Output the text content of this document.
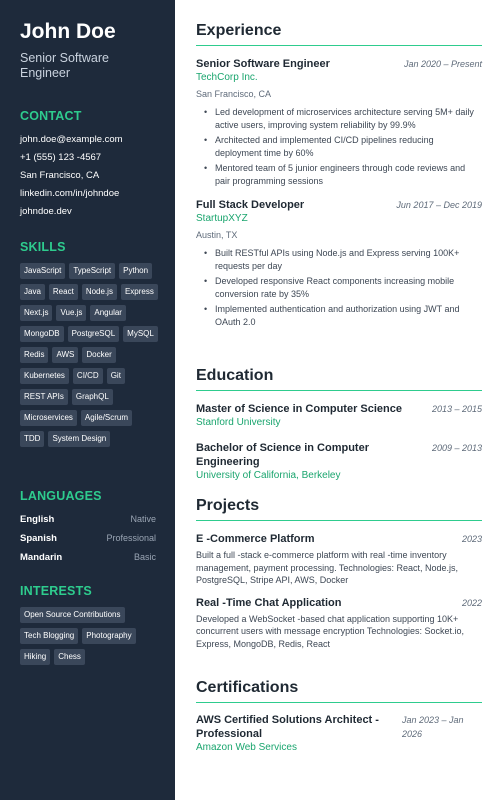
John Doe
Senior Software Engineer
CONTACT
john.doe@example.com
+1 (555) 123 -4567
San Francisco, CA
linkedin.com/in/johndoe
johndoe.dev
SKILLS
JavaScript	TypeScript	Python
Java	React	Node.js	Express
Next.js	Vue.js	Angular
MongoDB	PostgreSQL	MySQL
Redis	AWS	Docker
Kubernetes	CI/CD	Git
REST APIs	GraphQL
Microservices	Agile/Scrum
TDD	System Design
LANGUAGES
English	Native
Spanish	Professional
Mandarin	Basic
INTERESTS
Open Source Contributions
Tech Blogging	Photography
Hiking	Chess
Experience
Senior Software Engineer	Jan 2020 – Present
TechCorp Inc.
San Francisco, CA
• Led development of microservices architecture serving 5M+ daily active users, improving system reliability by 99.9%
• Architected and implemented CI/CD pipelines reducing deployment time by 60%
• Mentored team of 5 junior engineers through code reviews and pair programming sessions
Full Stack Developer	Jun 2017 – Dec 2019
StartupXYZ
Austin, TX
• Built RESTful APIs using Node.js and Express serving 100K+ requests per day
• Developed responsive React components increasing mobile conversion rate by 35%
• Implemented authentication and authorization using JWT and OAuth 2.0
Education
Master of Science in Computer Science	2013 – 2015
Stanford University
Bachelor of Science in Computer Engineering
2009 – 2013
University of California, Berkeley
Projects
E -Commerce Platform	2023
Built a full -stack e-commerce platform with real -time inventory management, payment processing. Technologies: React, Node.js, PostgreSQL, Stripe API, AWS, Docker
Real -Time Chat Application	2022
Developed a WebSocket -based chat application supporting 10K+ concurrent users with message encryption Technologies: Socket.io, Express, MongoDB, Redis, React
Certifications
AWS Certified Solutions Architect - Professional
Jan 2023 – Jan 2026
Amazon Web Services
